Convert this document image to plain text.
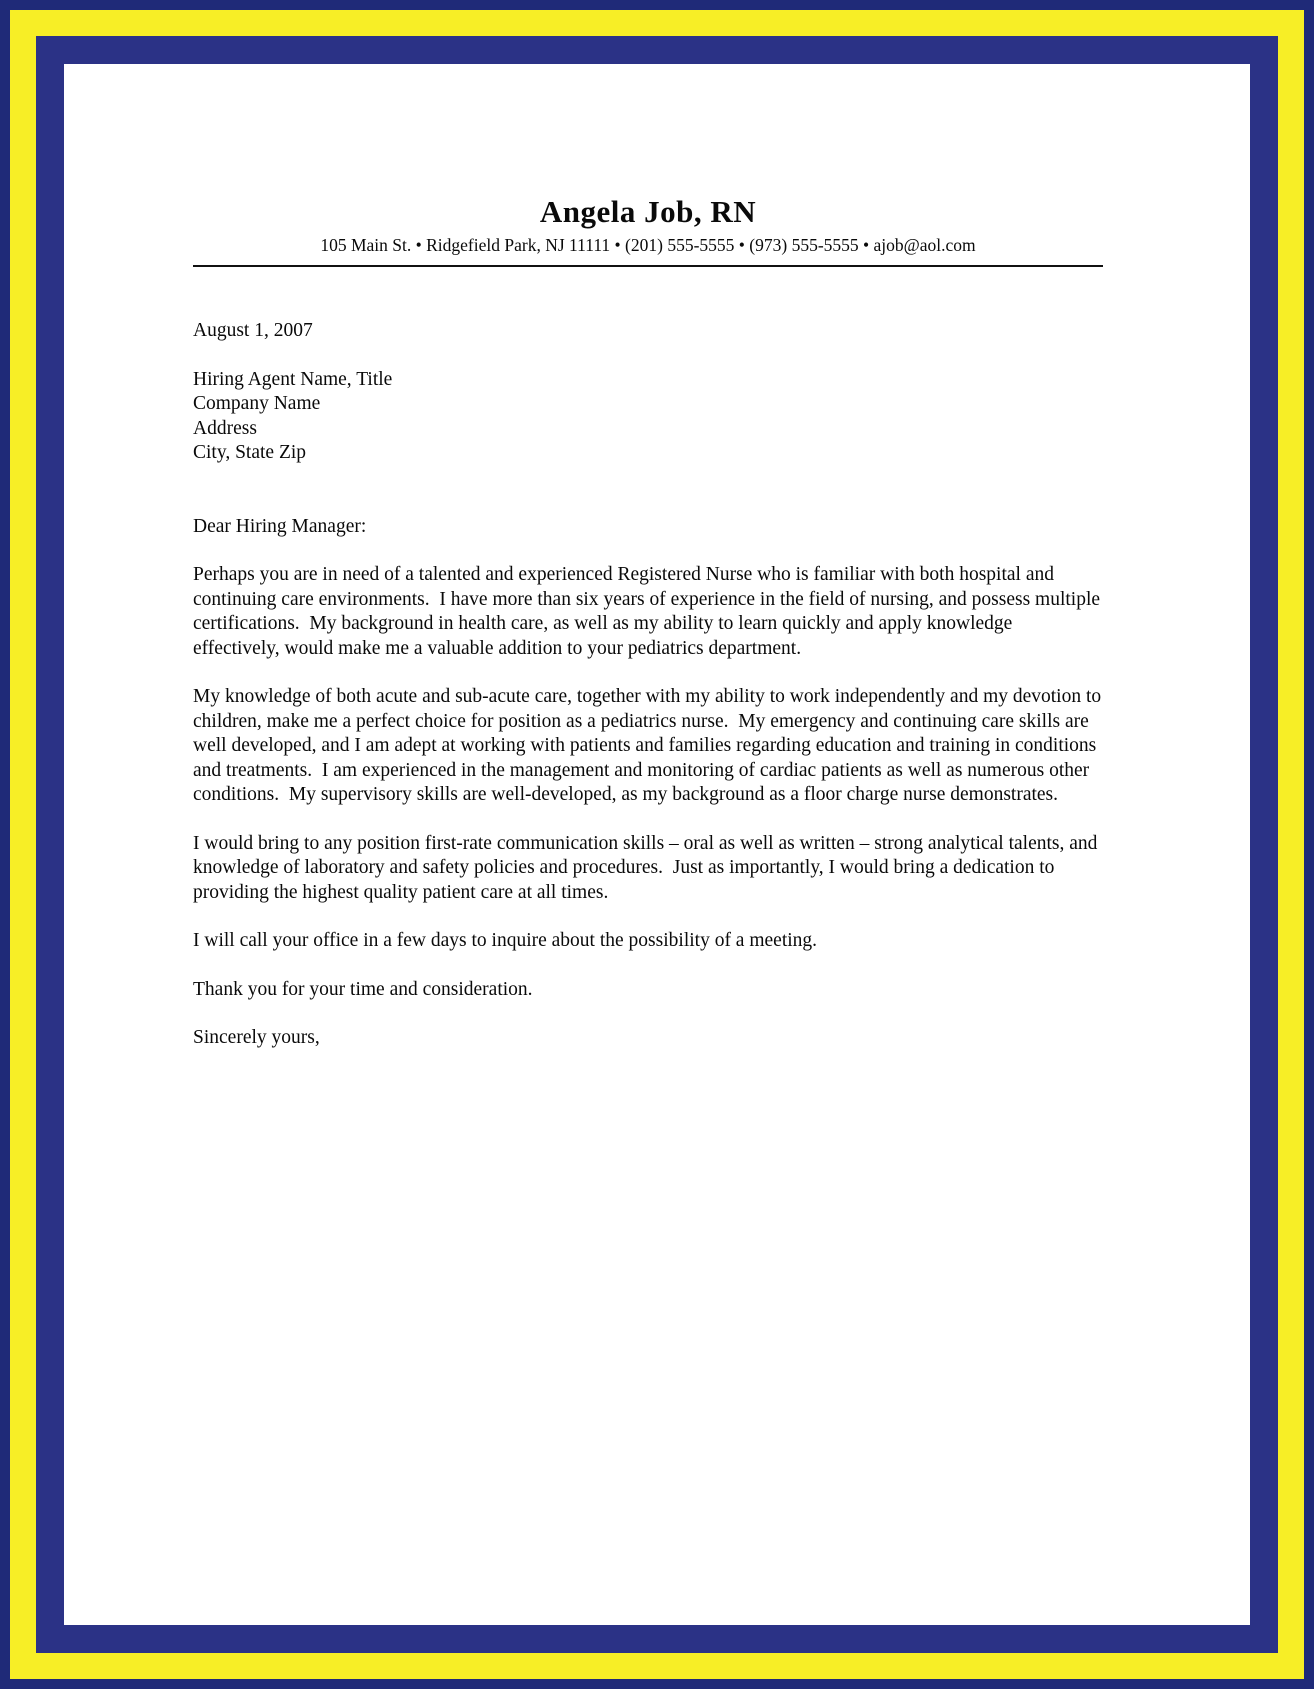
Angela Job, RN
105 Main St. • Ridgefield Park, NJ 11111 • (201) 555-5555 • (973) 555-5555 • ajob@aol.com

August 1, 2007

Hiring Agent Name, Title
Company Name
Address
City, State Zip

Dear Hiring Manager:

Perhaps you are in need of a talented and experienced Registered Nurse who is familiar with both hospital and continuing care environments.  I have more than six years of experience in the field of nursing, and possess multiple certifications.  My background in health care, as well as my ability to learn quickly and apply knowledge effectively, would make me a valuable addition to your pediatrics department.

My knowledge of both acute and sub-acute care, together with my ability to work independently and my devotion to children, make me a perfect choice for position as a pediatrics nurse.  My emergency and continuing care skills are well developed, and I am adept at working with patients and families regarding education and training in conditions and treatments.  I am experienced in the management and monitoring of cardiac patients as well as numerous other conditions.  My supervisory skills are well-developed, as my background as a floor charge nurse demonstrates.

I would bring to any position first-rate communication skills – oral as well as written – strong analytical talents, and knowledge of laboratory and safety policies and procedures.  Just as importantly, I would bring a dedication to providing the highest quality patient care at all times.

I will call your office in a few days to inquire about the possibility of a meeting.

Thank you for your time and consideration.

Sincerely yours,
